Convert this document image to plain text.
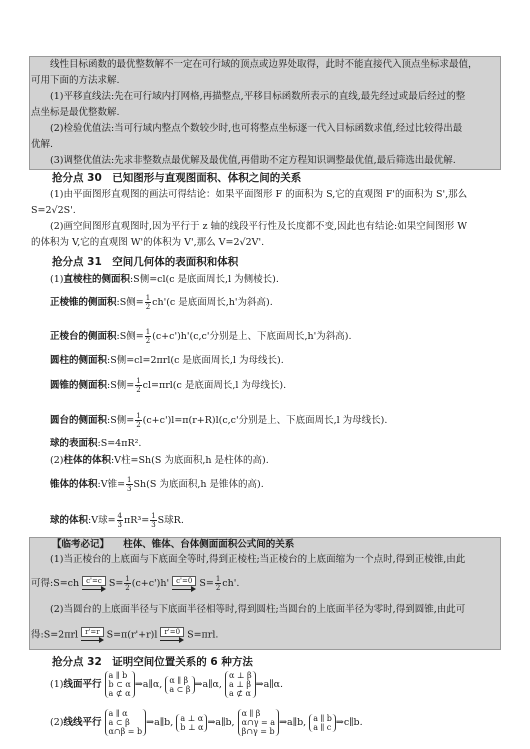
线性目标函数的最优整数解不一定在可行域的顶点或边界处取得，此时不能直接代入顶点坐标求最值，
可用下面的方法求解.
(1)平移直线法:先在可行域内打网格,再描整点,平移目标函数所表示的直线,最先经过或最后经过的整
点坐标是最优整数解.
(2)检验优值法:当可行域内整点个数较少时,也可将整点坐标逐一代入目标函数求值,经过比较得出最
优解.
(3)调整优值法:先求非整数点最优解及最优值,再借助不定方程知识调整最优值,最后筛选出最优解.
抢分点 30　已知图形与直观图面积、体积之间的关系
(1)由平面图形直观图的画法可得结论：如果平面图形 F 的面积为 S,它的直观图 F'的面积为 S',那么
S=2√2S'.
(2)画空间图形直观图时,因为平行于 z 轴的线段平行性及长度都不变,因此也有结论:如果空间图形 W
的体积为 V,它的直观图 W'的体积为 V',那么 V=2√2V'.
抢分点 31　空间几何体的表面积和体积
(1)直棱柱的侧面积:S侧=cl(c 是底面周长,l 为侧棱长).
正棱锥的侧面积:S侧= $\frac{1}{2} ch'(c$ 是底面周长,h'为斜高).
正棱台的侧面积:S侧= $\frac{1}{2} (c+c')h'(c,c'$分别是上、下底面周长,h'为斜高).
圆柱的侧面积:S侧=cl=2πrl(c 是底面周长,l 为母线长).
圆锥的侧面积:S侧= $\frac{1}{2} cl=\pi rl(c$ 是底面周长,l 为母线长).
圆台的侧面积:S侧= $\frac{1}{2} (c+c')l=\pi(r+R)l(c,c'$分别是上、下底面周长,l 为母线长).
球的表面积:S=4πR².
(2)柱体的体积:V柱=Sh(S 为底面积,h 是柱体的高).
锥体的体积:V锥= $\frac{1}{3} Sh(S$ 为底面积,h 是锥体的高).
球的体积:V球= $\frac{4}{3} \pi R^3= \frac{1}{3}$ S球R.
【临考必记】　　柱体、锥体、台体侧面面积公式间的关系
(1)当正棱台的上底面与下底面全等时,得到正棱柱;当正棱台的上底面缩为一个点时,得到正棱锥,由此
可得:S=ch	c'=c $S= \frac{1}{2} (c+c')h'$	c'=0 $S= \frac{1}{2} ch'$.
(2)当圆台的上底面半径与下底面半径相等时,得到圆柱;当圆台的上底面半径为零时,得到圆锥,由此可
得:S=2πrl	r'=r S=π(r'+r)l	r'=0 S=πrl.
抢分点 32　证明空间位置关系的 6 种方法
(1)线面平行 a ∥ b
b ⊂ α
a ⊄ α⇒a∥α, α ∥ β
a ⊂ β ⇒a∥α, α ⊥ β
a ⊥ β
a ⊄ α⇒a∥α.
(2)线线平行 a ∥ α
a ⊂ β
α∩β = b⇒a∥b, a ⊥ α
b ⊥ α ⇒a∥b, α ∥ β
α∩γ = a
β∩γ = b⇒a∥b, a ∥ b
a ∥ c ⇒c∥b.
